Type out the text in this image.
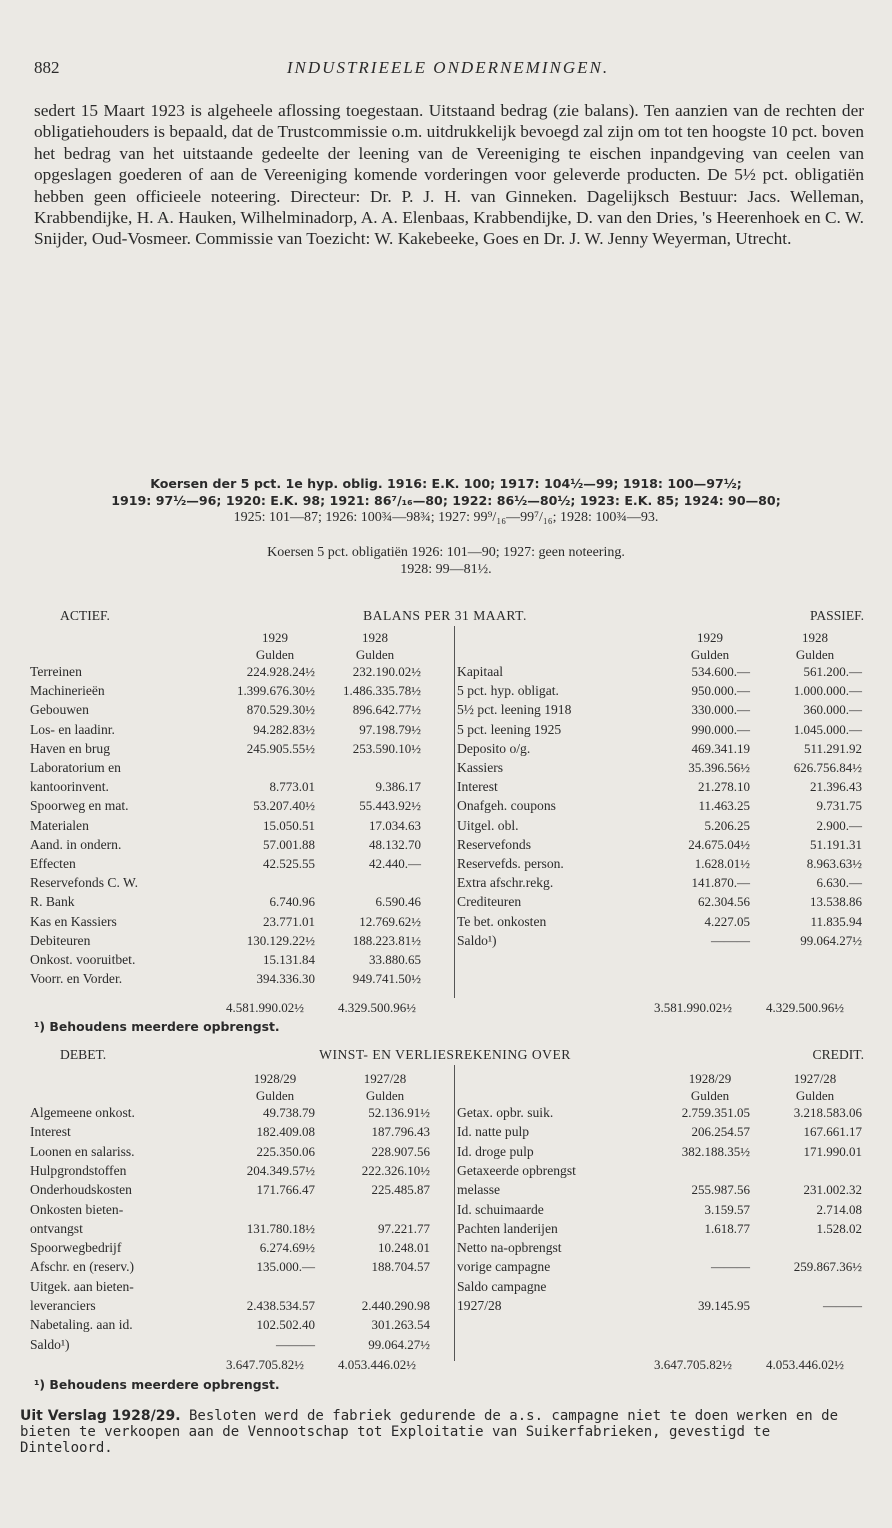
882	INDUSTRIEELE ONDERNEMINGEN.

sedert 15 Maart 1923 is algeheele aflossing toegestaan. Uitstaand bedrag (zie balans). Ten aanzien van de rechten der obligatiehouders is bepaald, dat de Trustcommissie o.m. uitdrukkelijk bevoegd zal zijn om tot ten hoogste 10 pct. boven het bedrag van het uitstaande gedeelte der leening van de Vereeniging te eischen inpandgeving van ceelen van opgeslagen goederen of aan de Vereeniging komende vorderingen voor geleverde producten. De 5½ pct. obligatiën hebben geen officieele noteering. Directeur: Dr. P. J. H. van Ginneken. Dagelijksch Bestuur: Jacs. Welleman, Krabbendijke, H. A. Hauken, Wilhelminadorp, A. A. Elenbaas, Krabbendijke, D. van den Dries, 's Heerenhoek en C. W. Snijder, Oud-Vosmeer. Commissie van Toezicht: W. Kakebeeke, Goes en Dr. J. W. Jenny Weyerman, Utrecht.

Koersen der 5 pct. 1e hyp. oblig. 1916: E.K. 100; 1917: 104½—99; 1918: 100—97½;

1919: 97½—96; 1920: E.K. 98; 1921: 86⁷/₁₆—80; 1922: 86½—80½; 1923: E.K. 85; 1924: 90—80;

1925: 101—87; 1926: 100¾—98¾; 1927: 99⁹/₁₆—99⁷/₁₆; 1928: 100¾—93.

Koersen 5 pct. obligatiën 1926: 101—90; 1927: geen noteering.

1928: 99—81½.

ACTIEF.	BALANS PER 31 MAART.	PASSIEF.
1929	1928
Gulden	Gulden
1929	1928
Gulden	Gulden
Terreinen	224.928.24½	232.190.02½
Machinerieën	1.399.676.30½	1.486.335.78½
Gebouwen	870.529.30½	896.642.77½
Los- en laadinr.	94.282.83½	97.198.79½
Haven en brug	245.905.55½	253.590.10½
Laboratorium en
kantoorinvent.	8.773.01	9.386.17
Spoorweg en mat.	53.207.40½	55.443.92½
Materialen	15.050.51	17.034.63
Aand. in ondern.	57.001.88	48.132.70
Effecten	42.525.55	42.440.—
Reservefonds C. W.
R. Bank	6.740.96	6.590.46
Kas en Kassiers	23.771.01	12.769.62½
Debiteuren	130.129.22½	188.223.81½
Onkost. vooruitbet.	15.131.84	33.880.65
Voorr. en Vorder.	394.336.30	949.741.50½
Kapitaal	534.600.—	561.200.—
5 pct. hyp. obligat.	950.000.—	1.000.000.—
5½ pct. leening 1918	330.000.—	360.000.—
5 pct. leening 1925	990.000.—	1.045.000.—
Deposito o/g.	469.341.19	511.291.92
Kassiers	35.396.56½	626.756.84½
Interest	21.278.10	21.396.43
Onafgeh. coupons	11.463.25	9.731.75
Uitgel. obl.	5.206.25	2.900.—
Reservefonds	24.675.04½	51.191.31
Reservefds. person.	1.628.01½	8.963.63½
Extra afschr.rekg.	141.870.—	6.630.—
Crediteuren	62.304.56	13.538.86
Te bet. onkosten	4.227.05	11.835.94
Saldo¹)	———	99.064.27½
4.581.990.02½	4.329.500.96½	3.581.990.02½	4.329.500.96½
¹) Behoudens meerdere opbrengst.
DEBET.	WINST- EN VERLIESREKENING OVER	CREDIT.
1928/29	1927/28
Gulden	Gulden
1928/29	1927/28
Gulden	Gulden
Algemeene onkost.	49.738.79	52.136.91½
Interest	182.409.08	187.796.43
Loonen en salariss.	225.350.06	228.907.56
Hulpgrondstoffen	204.349.57½	222.326.10½
Onderhoudskosten	171.766.47	225.485.87
Onkosten bieten-
ontvangst	131.780.18½	97.221.77
Spoorwegbedrijf	6.274.69½	10.248.01
Afschr. en (reserv.)	135.000.—	188.704.57
Uitgek. aan bieten-
leveranciers	2.438.534.57	2.440.290.98
Nabetaling. aan id.	102.502.40	301.263.54
Saldo¹)	———	99.064.27½
Getax. opbr. suik.	2.759.351.05	3.218.583.06
Id. natte pulp	206.254.57	167.661.17
Id. droge pulp	382.188.35½	171.990.01
Getaxeerde opbrengst
melasse	255.987.56	231.002.32
Id. schuimaarde	3.159.57	2.714.08
Pachten landerijen	1.618.77	1.528.02
Netto na-opbrengst
vorige campagne	———	259.867.36½
Saldo campagne
1927/28	39.145.95	———
3.647.705.82½	4.053.446.02½	3.647.705.82½	4.053.446.02½
¹) Behoudens meerdere opbrengst.
Uit Verslag 1928/29. Besloten werd de fabriek gedurende de a.s. campagne niet te doen werken en de bieten te verkoopen aan de Vennootschap tot Exploitatie van Suikerfabrieken, gevestigd te Dinteloord.
